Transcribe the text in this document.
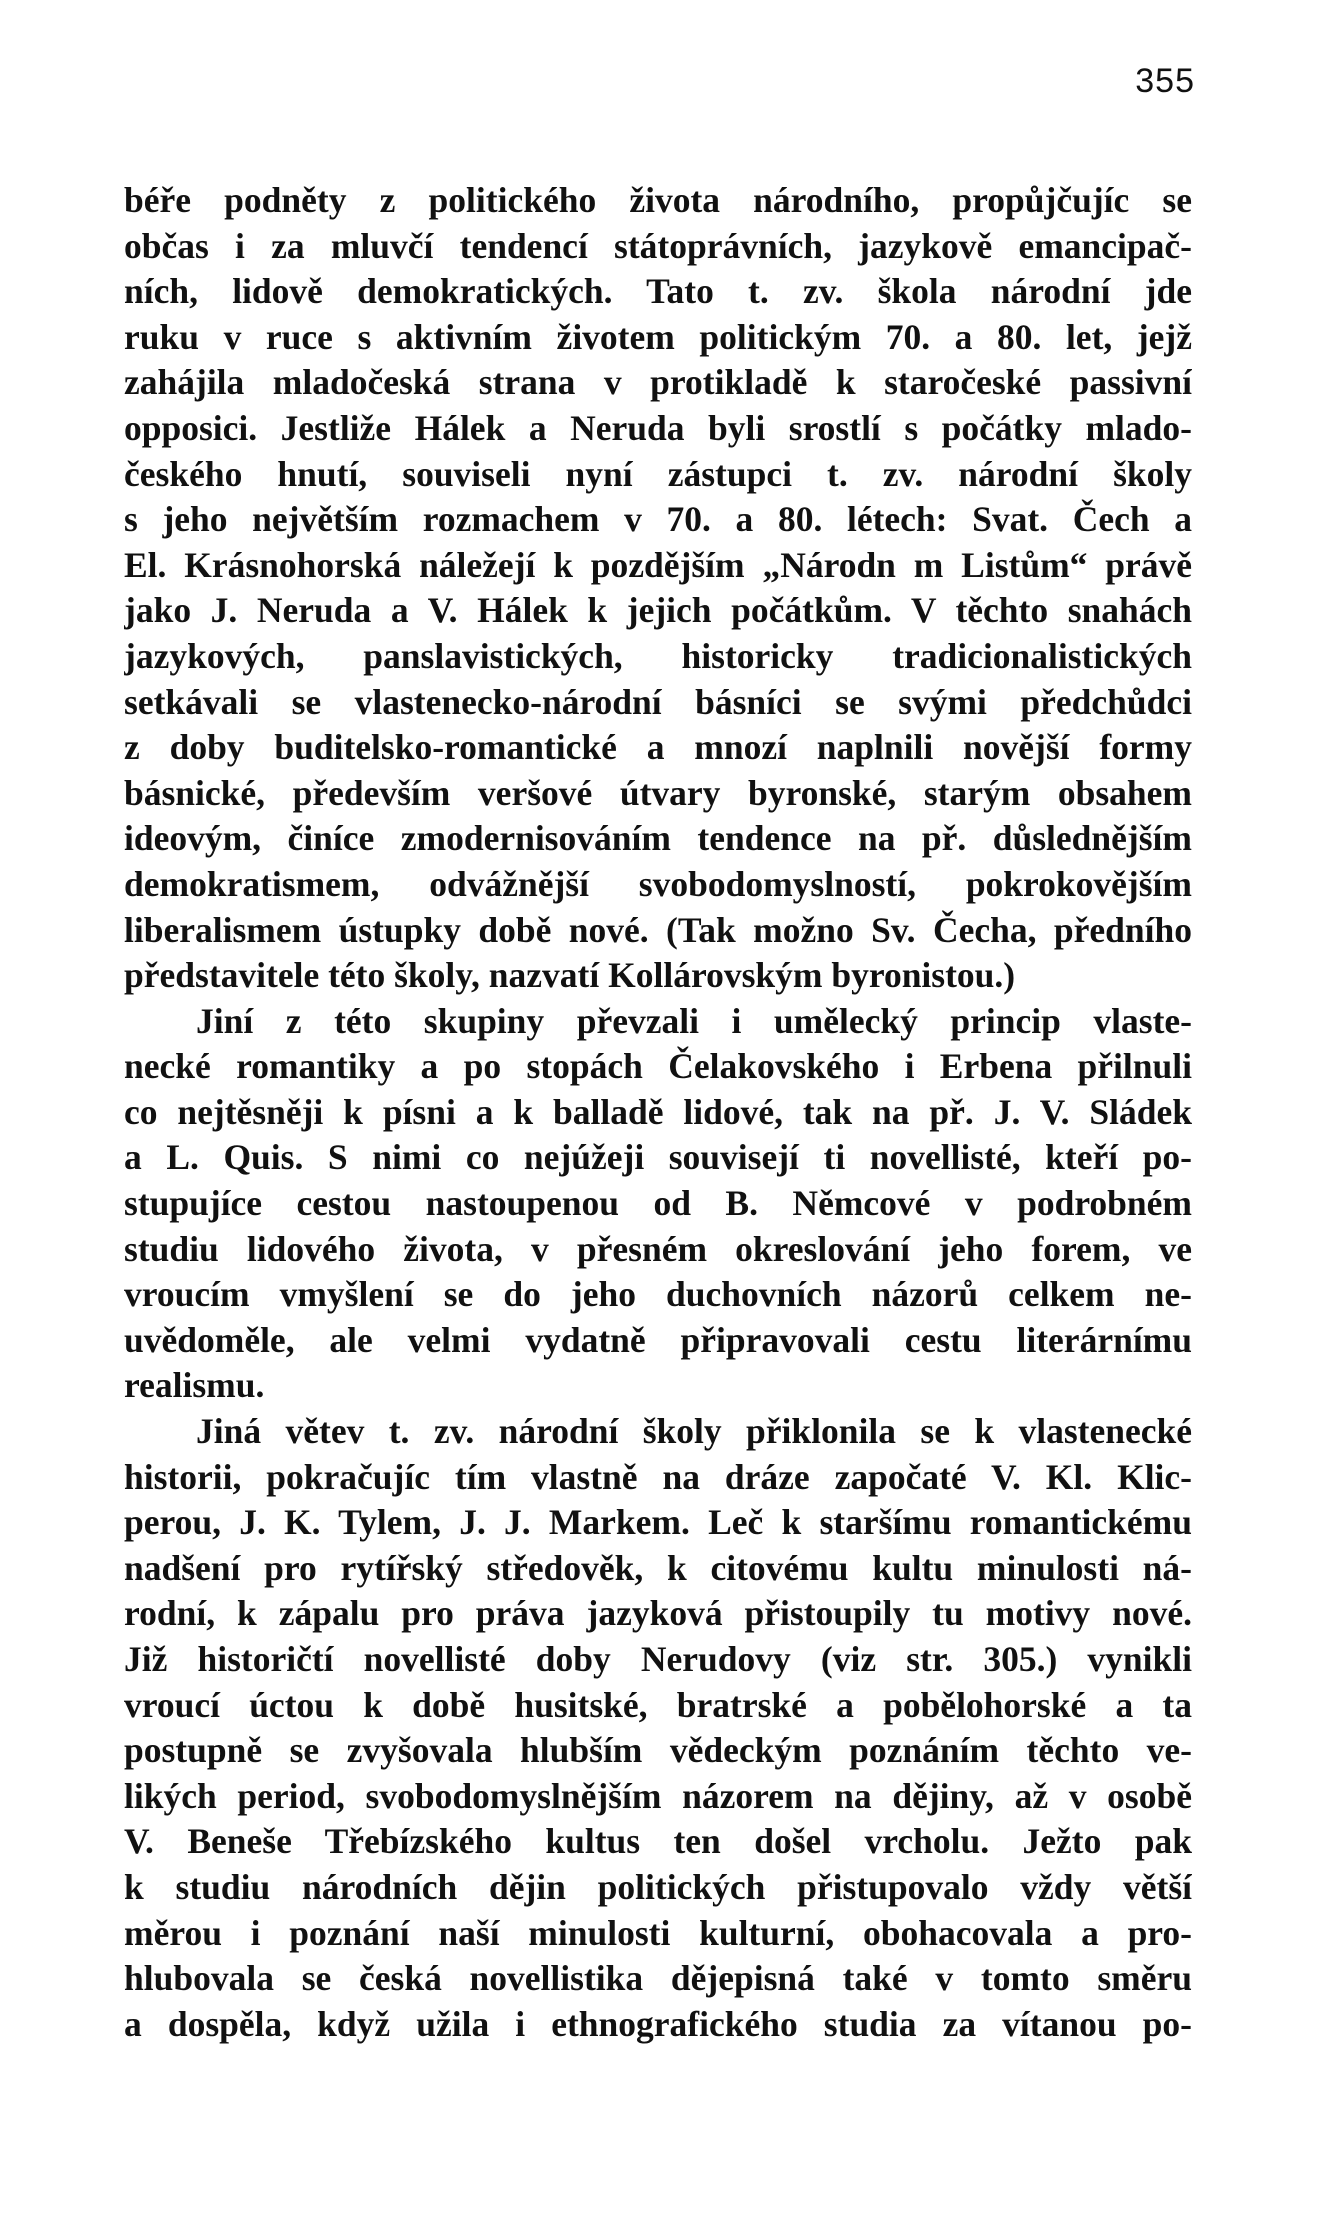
355
béře podněty z politického života národního, propůjčujíc se
občas i za mluvčí tendencí státoprávních, jazykově emancipač-
ních, lidově demokratických. Tato t. zv. škola národní jde
ruku v ruce s aktivním životem politickým 70. a 80. let, jejž
zahájila mladočeská strana v protikladě k staročeské passivní
opposici. Jestliže Hálek a Neruda byli srostlí s počátky mlado-
českého hnutí, souviseli nyní zástupci t. zv. národní školy
s jeho největším rozmachem v 70. a 80. létech: Svat. Čech a
El. Krásnohorská náležejí k pozdějším „Národn m Listům“ právě
jako J. Neruda a V. Hálek k jejich počátkům. V těchto snahách
jazykových, panslavistických, historicky tradicionalistických
setkávali se vlastenecko-národní básníci se svými předchůdci
z doby buditelsko-romantické a mnozí naplnili novější formy
básnické, především veršové útvary byronské, starým obsahem
ideovým, činíce zmodernisováním tendence na př. důslednějším
demokratismem, odvážnější svobodomyslností, pokrokovějším
liberalismem ústupky době nové. (Tak možno Sv. Čecha, předního
představitele této školy, nazvatí Kollárovským byronistou.)
Jiní z této skupiny převzali i umělecký princip vlaste-
necké romantiky a po stopách Čelakovského i Erbena přilnuli
co nejtěsněji k písni a k balladě lidové, tak na př. J. V. Sládek
a L. Quis. S nimi co nejúžeji souvisejí ti novellisté, kteří po-
stupujíce cestou nastoupenou od B. Němcové v podrobném
studiu lidového života, v přesném okreslování jeho forem, ve
vroucím vmyšlení se do jeho duchovních názorů celkem ne-
uvědoměle, ale velmi vydatně připravovali cestu literárnímu
realismu.
Jiná větev t. zv. národní školy přiklonila se k vlastenecké
historii, pokračujíc tím vlastně na dráze započaté V. Kl. Klic-
perou, J. K. Tylem, J. J. Markem. Leč k staršímu romantickému
nadšení pro rytířský středověk, k citovému kultu minulosti ná-
rodní, k zápalu pro práva jazyková přistoupily tu motivy nové.
Již historičtí novellisté doby Nerudovy (viz str. 305.) vynikli
vroucí úctou k době husitské, bratrské a pobělohorské a ta
postupně se zvyšovala hlubším vědeckým poznáním těchto ve-
likých period, svobodomyslnějším názorem na dějiny, až v osobě
V. Beneše Třebízského kultus ten došel vrcholu. Ježto pak
k studiu národních dějin politických přistupovalo vždy větší
měrou i poznání naší minulosti kulturní, obohacovala a pro-
hlubovala se česká novellistika dějepisná také v tomto směru
a dospěla, když užila i ethnografického studia za vítanou po-
